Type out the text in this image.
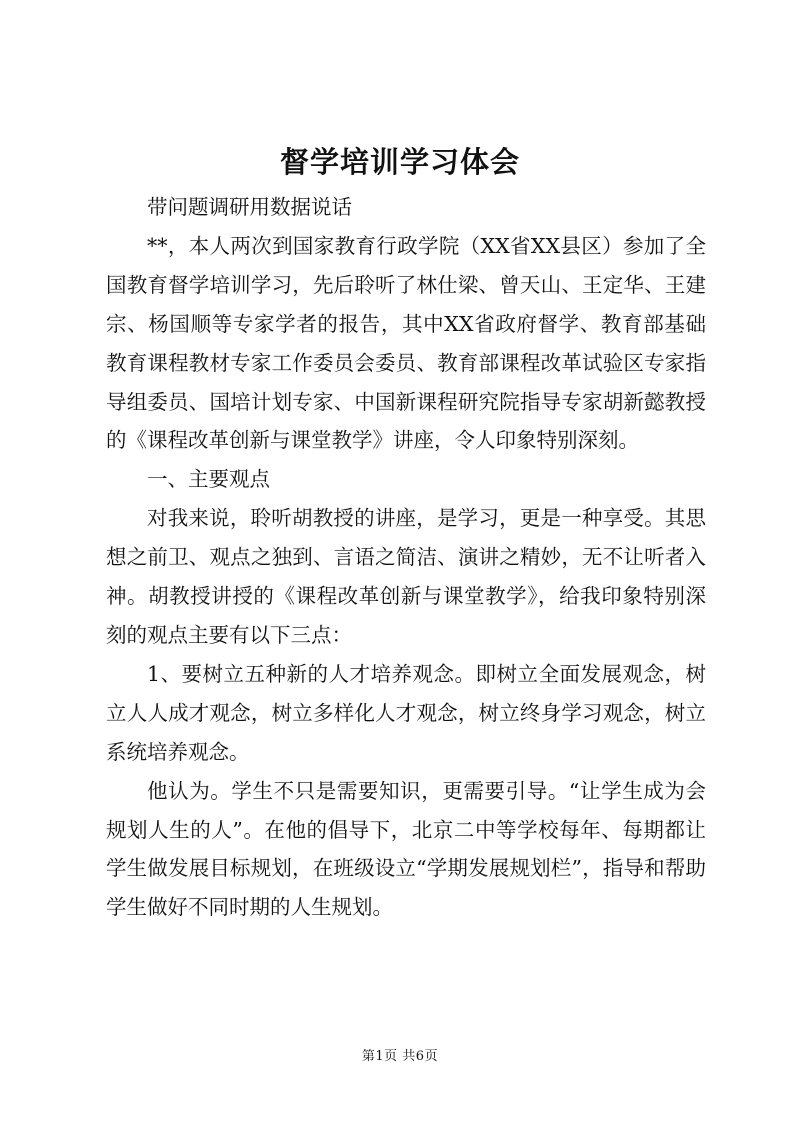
督学培训学习体会

带问题调研用数据说话

**，本人两次到国家教育行政学院（XX省XX县区）参加了全国教育督学培训学习，先后聆听了林仕梁、曾天山、王定华、王建宗、杨国顺等专家学者的报告，其中XX省政府督学、教育部基础教育课程教材专家工作委员会委员、教育部课程改革试验区专家指导组委员、国培计划专家、中国新课程研究院指导专家胡新懿教授的《课程改革创新与课堂教学》讲座，令人印象特别深刻。

一、主要观点

对我来说，聆听胡教授的讲座，是学习，更是一种享受。其思想之前卫、观点之独到、言语之简洁、演讲之精妙，无不让听者入神。胡教授讲授的《课程改革创新与课堂教学》，给我印象特别深刻的观点主要有以下三点：

1、要树立五种新的人才培养观念。即树立全面发展观念，树立人人成才观念，树立多样化人才观念，树立终身学习观念，树立系统培养观念。

他认为。学生不只是需要知识，更需要引导。“让学生成为会规划人生的人”。在他的倡导下，北京二中等学校每年、每期都让学生做发展目标规划，在班级设立“学期发展规划栏”，指导和帮助学生做好不同时期的人生规划。

第1页 共6页
